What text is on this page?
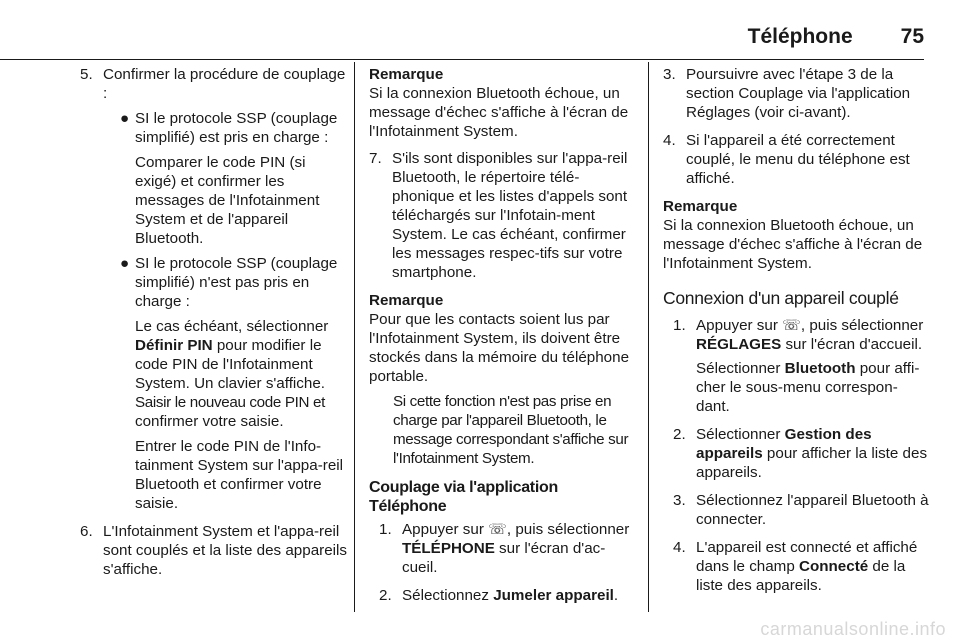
Téléphone 75
5. Confirmer la procédure de couplage :
● SI le protocole SSP (couplage simplifié) est pris en charge :
Comparer le code PIN (si exigé) et confirmer les messages de l'Infotainment System et de l'appareil Bluetooth.
● SI le protocole SSP (couplage simplifié) n'est pas pris en charge :
Le cas échéant, sélectionner Définir PIN pour modifier le code PIN de l'Infotainment System. Un clavier s'affiche. Saisir le nouveau code PIN et confirmer votre saisie.
Entrer le code PIN de l'Info-tainment System sur l'appa-reil Bluetooth et confirmer votre saisie.
6. L'Infotainment System et l'appa-reil sont couplés et la liste des appareils s'affiche.
Remarque
Si la connexion Bluetooth échoue, un message d'échec s'affiche à l'écran de l'Infotainment System.
7. S'ils sont disponibles sur l'appa-reil Bluetooth, le répertoire télé-phonique et les listes d'appels sont téléchargés sur l'Infotain-ment System. Le cas échéant, confirmer les messages respec-tifs sur votre smartphone.
Remarque
Pour que les contacts soient lus par l'Infotainment System, ils doivent être stockés dans la mémoire du téléphone portable.
Si cette fonction n'est pas prise en charge par l'appareil Bluetooth, le message correspondant s'affiche sur l'Infotainment System.
Couplage via l'application Téléphone
1. Appuyer sur ☏, puis sélectionner TÉLÉPHONE sur l'écran d'ac-cueil.
2. Sélectionnez Jumeler appareil.
3. Poursuivre avec l'étape 3 de la section Couplage via l'application Réglages (voir ci-avant).
4. Si l'appareil a été correctement couplé, le menu du téléphone est affiché.
Remarque
Si la connexion Bluetooth échoue, un message d'échec s'affiche à l'écran de l'Infotainment System.
Connexion d'un appareil couplé
1. Appuyer sur ☏, puis sélectionner RÉGLAGES sur l'écran d'accueil.
Sélectionner Bluetooth pour affi-cher le sous-menu correspon-dant.
2. Sélectionner Gestion des appareils pour afficher la liste des appareils.
3. Sélectionnez l'appareil Bluetooth à connecter.
4. L'appareil est connecté et affiché dans le champ Connecté de la liste des appareils.
carmanualsonline.info
